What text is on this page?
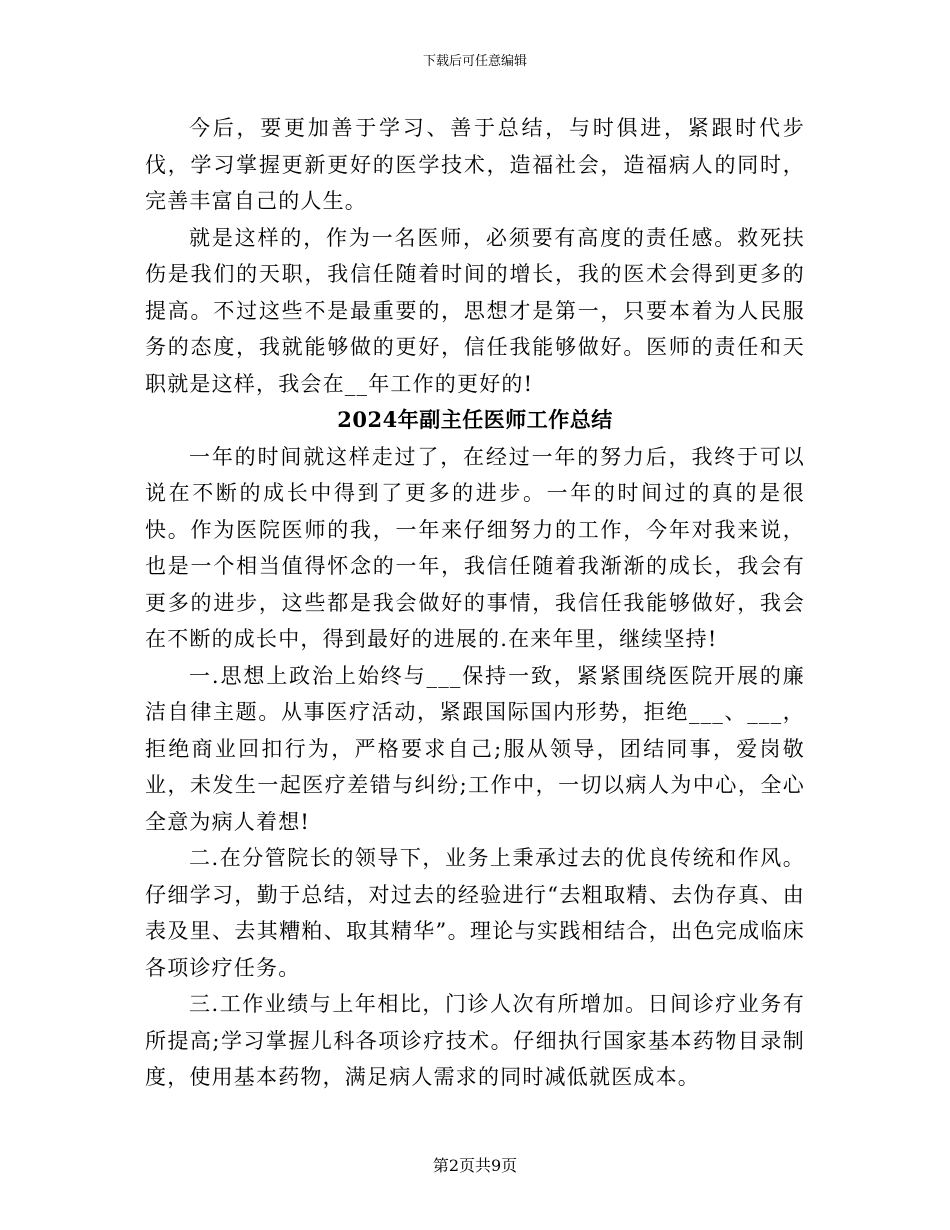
下载后可任意编辑

今后，要更加善于学习、善于总结，与时俱进，紧跟时代步伐，学习掌握更新更好的医学技术，造福社会，造福病人的同时，完善丰富自己的人生。

就是这样的，作为一名医师，必须要有高度的责任感。救死扶伤是我们的天职，我信任随着时间的增长，我的医术会得到更多的提高。不过这些不是最重要的，思想才是第一，只要本着为人民服务的态度，我就能够做的更好，信任我能够做好。医师的责任和天职就是这样，我会在__年工作的更好的!

2024年副主任医师工作总结

一年的时间就这样走过了，在经过一年的努力后，我终于可以说在不断的成长中得到了更多的进步。一年的时间过的真的是很快。作为医院医师的我，一年来仔细努力的工作，今年对我来说，也是一个相当值得怀念的一年，我信任随着我渐渐的成长，我会有更多的进步，这些都是我会做好的事情，我信任我能够做好，我会在不断的成长中，得到最好的进展的.在来年里，继续坚持!

一.思想上政治上始终与___保持一致，紧紧围绕医院开展的廉洁自律主题。从事医疗活动，紧跟国际国内形势，拒绝___、___，拒绝商业回扣行为，严格要求自己;服从领导，团结同事，爱岗敬业，未发生一起医疗差错与纠纷;工作中，一切以病人为中心，全心全意为病人着想!

二.在分管院长的领导下，业务上秉承过去的优良传统和作风。仔细学习，勤于总结，对过去的经验进行“去粗取精、去伪存真、由表及里、去其糟粕、取其精华”。理论与实践相结合，出色完成临床各项诊疗任务。

三.工作业绩与上年相比，门诊人次有所增加。日间诊疗业务有所提高;学习掌握儿科各项诊疗技术。仔细执行国家基本药物目录制度，使用基本药物，满足病人需求的同时减低就医成本。

第2页共9页
